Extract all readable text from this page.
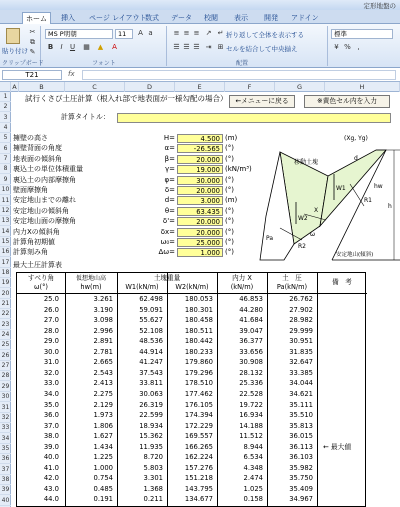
定形地盤の
ホーム	挿入	ページ レイアウト
数式	データ	校閲	表示	開発	アドイン
貼り付け
✂
⧉
✎
MS P明朝	11	A a
B	I	U ▦ ▲ A
≡ ≡ ≡ ↗ ↵ 折り返して全体を表示する
☰ ☰ ☰ ⇥ ⊞ セルを結合して中央揃え
標準
¥ % ,
クリップボード	フォント	配置
T21	fx
A	B	C	D	E	F	G	H
1
2
3
4
5
6
7
8
9
10
11
12
13
14
15
16
17
18
19
20
21
22
23
24
25
26
27
28
29
30
31
32
33
34
35
36
37
38
39
40
試行くさび土圧計算（根入れ部で地表面が一様勾配の場合）	←メニューに戻る	※黄色セル内を入力
計算タイトル：
擁壁の高さ	H=	4.500 (m)
擁壁背面の角度	α=	-26.565 (°)
地表面の傾斜角	β=	20.000 (°)
裏込土の単位体積重量	γ=	19.000 (kN/m³)
裏込土の内部摩擦角	φ=	30.000 (°)
壁面摩擦角	δ=	20.000 (°)
安定地山までの離れ	d=	3.000 (m)
安定地山の傾斜角	θ=	63.435 (°)
安定地山面の摩擦角	δ'=	20.000 (°)
内力Xの傾斜角	δx=	20.000 (°)
計算角初期値	ω₀=	25.000 (°)
計算刻み角	Δω=	1.000 (°)
最大土圧計算表
すべり角
ω(°)
仮想地山高
hw(m)
土塊重量
W1(kN/m)	W2(kN/m)
内力 X
(kN/m)
土　圧
Pa(kN/m)
備　考
25.0	3.261	62.498	180.053	46.853	26.762
26.0	3.190	59.091	180.301	44.280	27.902
27.0	3.098	55.627	180.458	41.684	28.982
28.0	2.996	52.108	180.511	39.047	29.999
29.0	2.891	48.536	180.442	36.377	30.951
30.0	2.781	44.914	180.233	33.656	31.835
31.0	2.665	41.247	179.860	30.908	32.647
32.0	2.543	37.543	179.296	28.132	33.385
33.0	2.413	33.811	178.510	25.336	34.044
34.0	2.275	30.063	177.462	22.528	34.621
35.0	2.129	26.319	176.105	19.722	35.111
36.0	1.973	22.599	174.394	16.934	35.510
37.0	1.806	18.934	172.229	14.188	35.813
38.0	1.627	15.362	169.557	11.512	36.015
39.0	1.434	11.935	166.265	8.944	36.113 ← 最大値
40.0	1.225	8.720	162.224	6.534	36.103
41.0	1.000	5.803	157.276	4.348	35.982
42.0	0.754	3.301	151.218	2.474	35.750
43.0	0.485	1.368	143.795	1.025	35.409
44.0	0.191	0.211	134.677	0.158	34.967
(Xg, Yg)
移動土塊
W1
W2
X
R1
R2
Pa
ω
d
hw
h
安定地山(傾斜)
